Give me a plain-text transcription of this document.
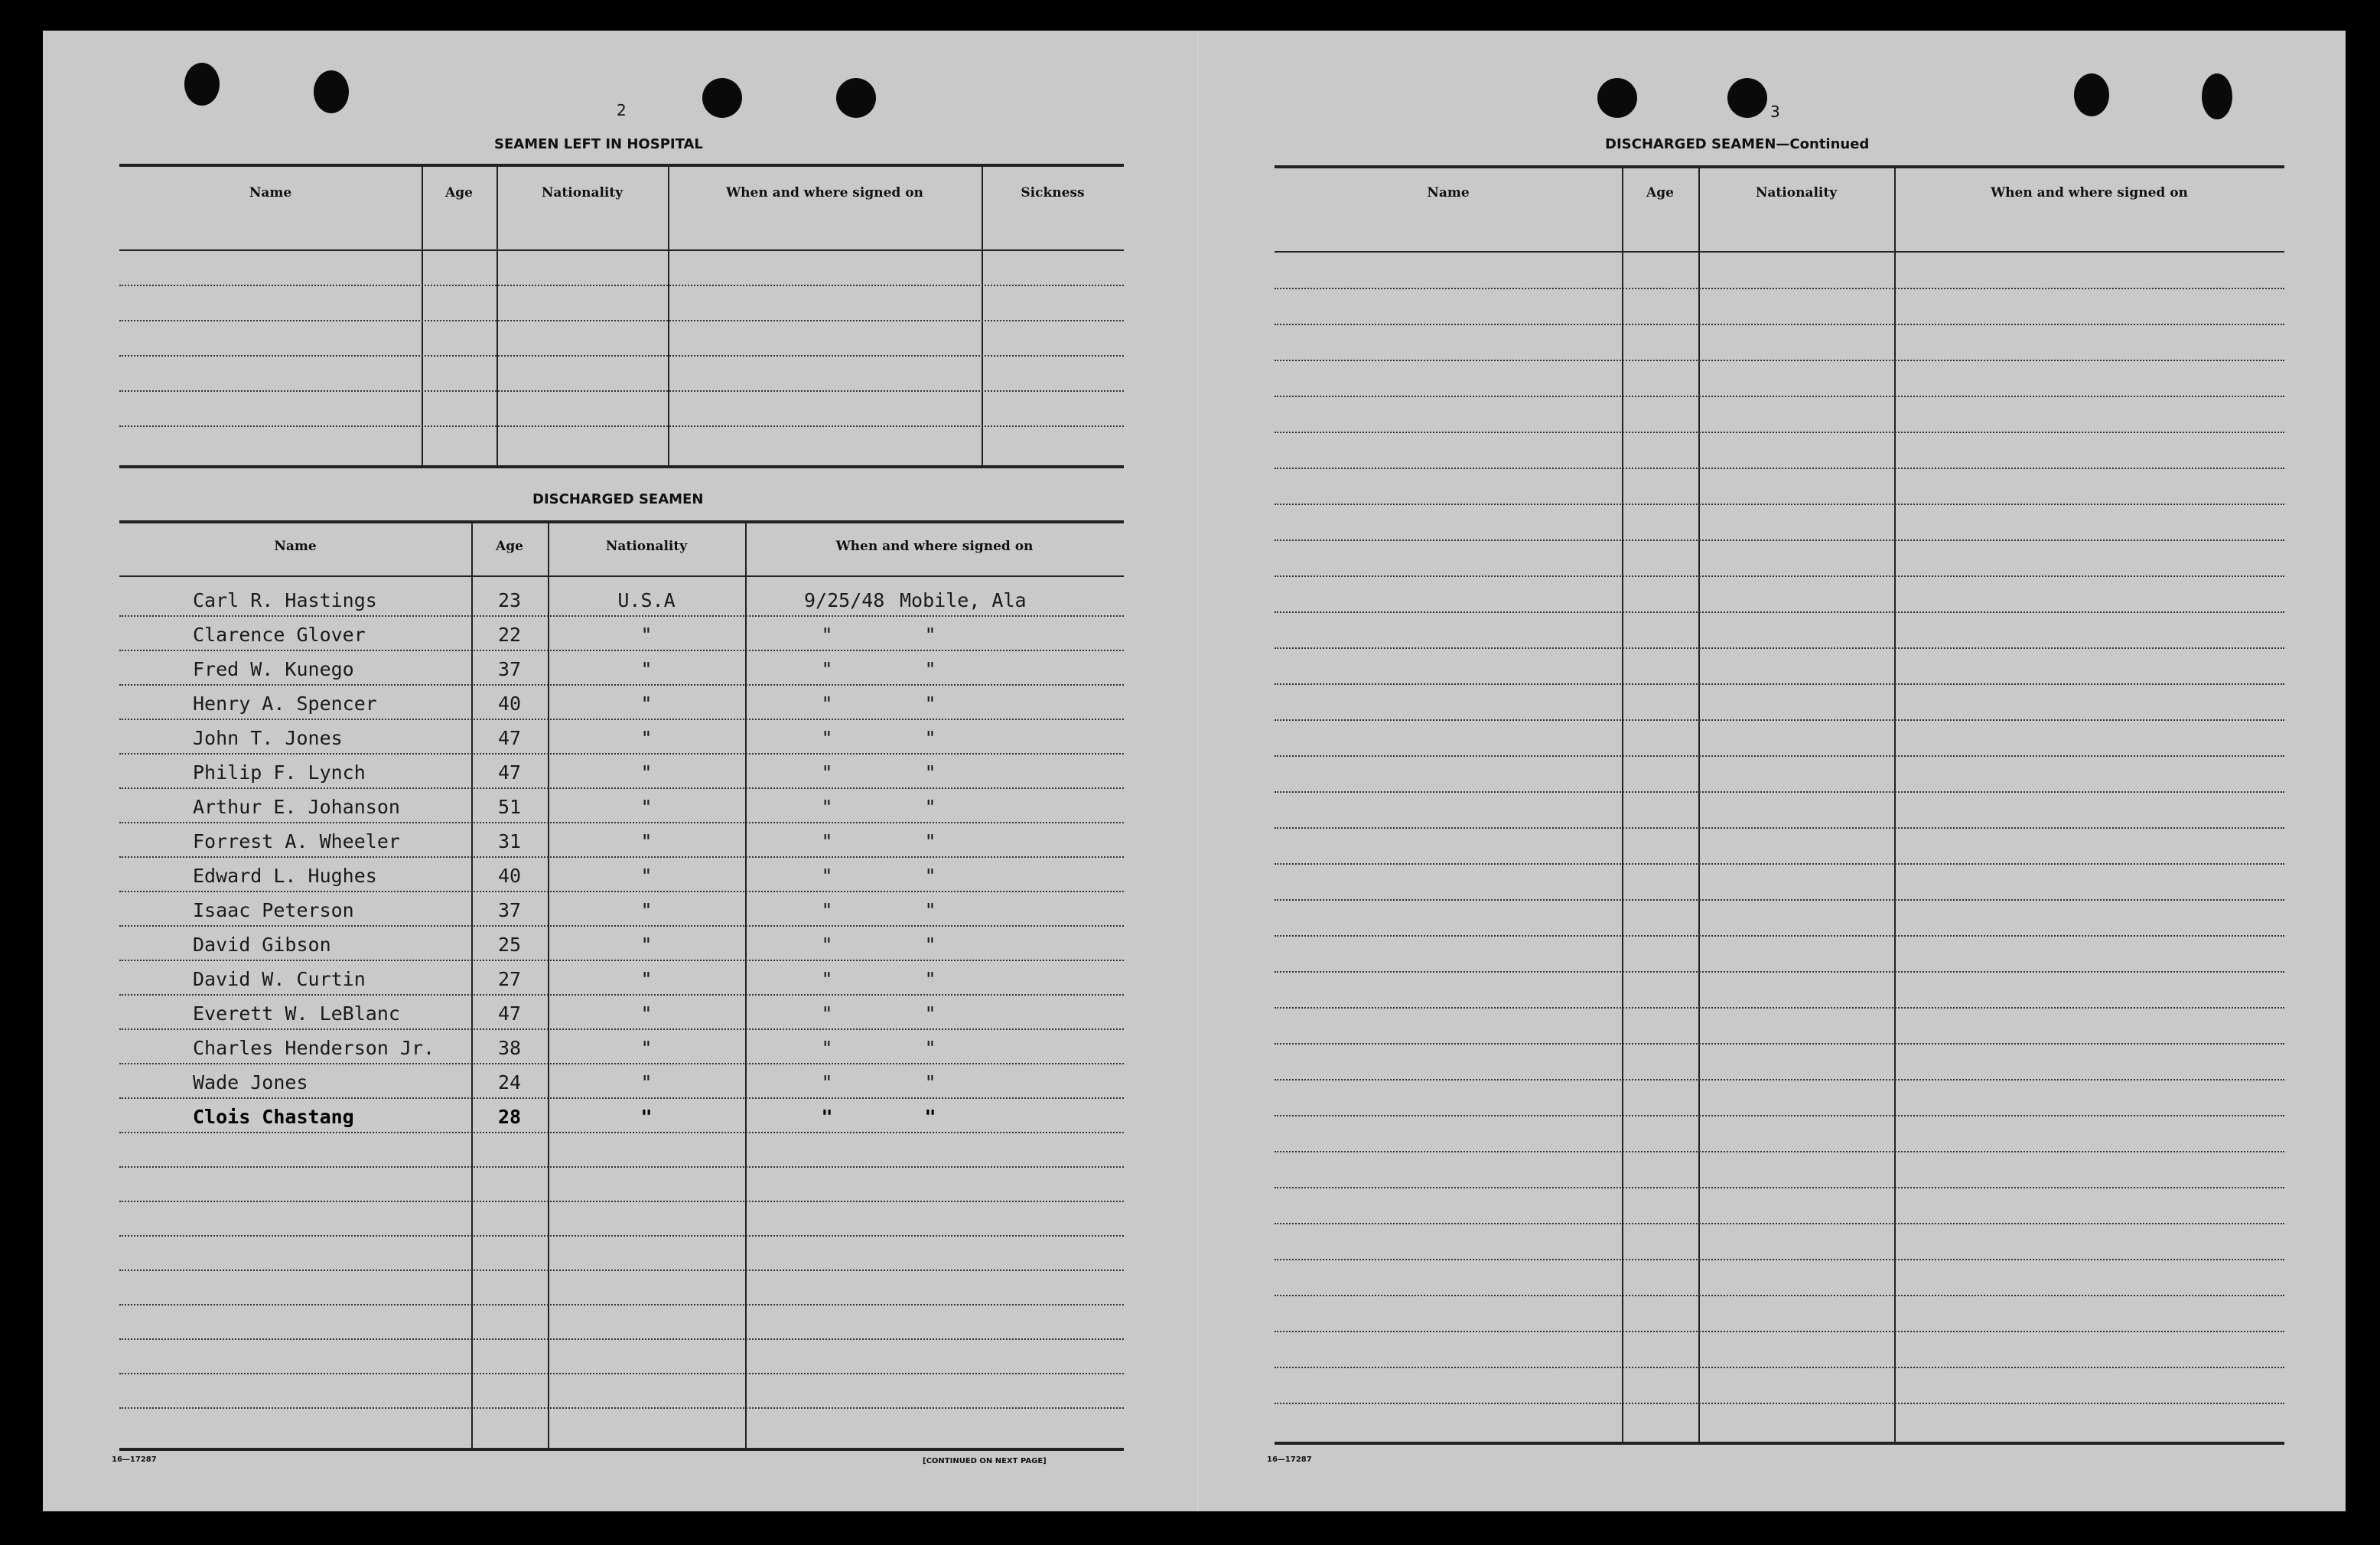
2
SEAMEN LEFT IN HOSPITAL
Name	Age	Nationality	When and where signed on	Sickness
DISCHARGED SEAMEN
Name	Age	Nationality	When and where signed on
Carl R. Hastings	23	U.S.A	9/25/48 Mobile, Ala
Clarence Glover	22	"	"	"
Fred W. Kunego	37	"	"	"
Henry A. Spencer	40	"	"	"
John T. Jones	47	"	"	"
Philip F. Lynch	47	"	"	"
Arthur E. Johanson	51	"	"	"
Forrest A. Wheeler	31	"	"	"
Edward L. Hughes	40	"	"	"
Isaac Peterson	37	"	"	"
David Gibson	25	"	"	"
David W. Curtin	27	"	"	"
Everett W. LeBlanc	47	"	"	"
Charles Henderson Jr.	38	"	"	"
Wade Jones	24	"	"	"
Clois Chastang	28	"	"	"
16—17287	[CONTINUED ON NEXT PAGE]
3
DISCHARGED SEAMEN—Continued
Name	Age	Nationality	When and where signed on
16—17287
